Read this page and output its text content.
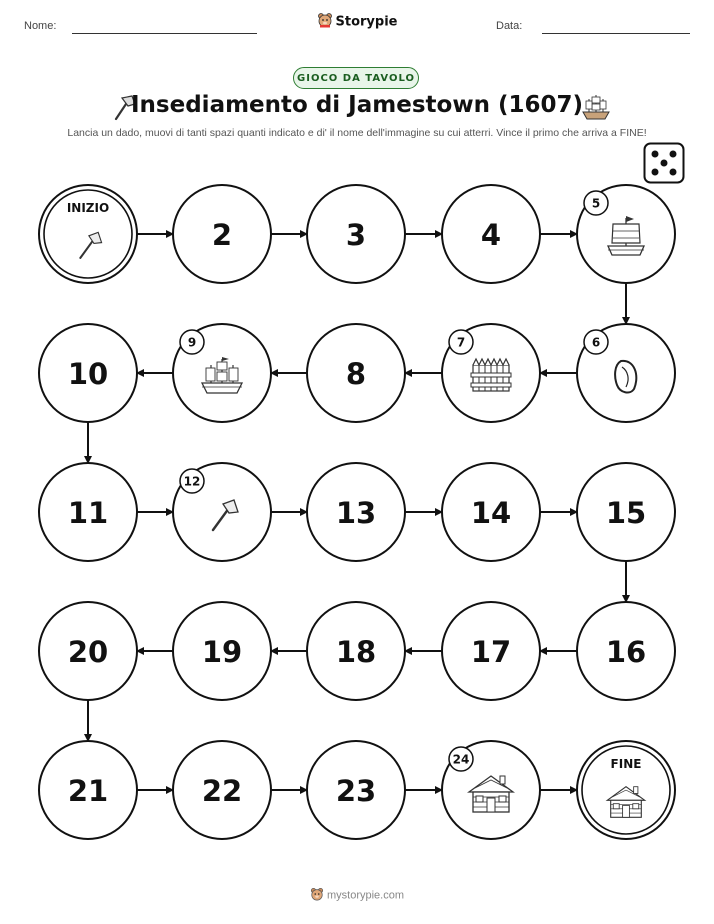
Nome:	Storypie	Data:
GIOCO DA TAVOLO
Insediamento di Jamestown (1607)
Lancia un dado, muovi di tanti spazi quanti indicato e di' il nome dell'immagine su cui atterri. Vince il primo che arriva a FINE!
INIZIO
2	3	4
5
6
7
8
9
10
11
12
13	14	15
16
17
18
19
20
21	22	23
24	FINE
mystorypie.com
